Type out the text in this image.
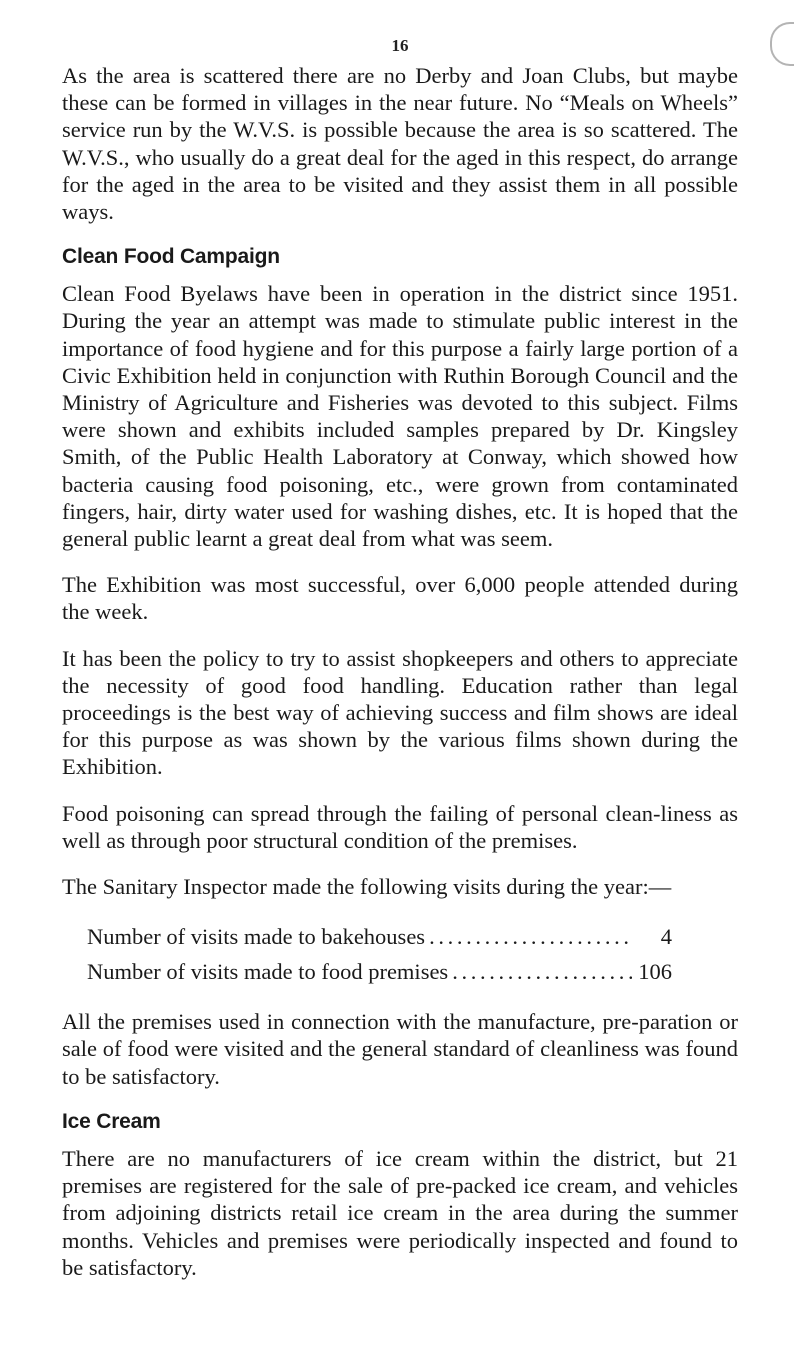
16

As the area is scattered there are no Derby and Joan Clubs, but maybe these can be formed in villages in the near future. No “Meals on Wheels” service run by the W.V.S. is possible because the area is so scattered. The W.V.S., who usually do a great deal for the aged in this respect, do arrange for the aged in the area to be visited and they assist them in all possible ways.

Clean Food Campaign

Clean Food Byelaws have been in operation in the district since 1951. During the year an attempt was made to stimulate public interest in the importance of food hygiene and for this purpose a fairly large portion of a Civic Exhibition held in conjunction with Ruthin Borough Council and the Ministry of Agriculture and Fisheries was devoted to this subject. Films were shown and exhibits included samples prepared by Dr. Kingsley Smith, of the Public Health Laboratory at Conway, which showed how bacteria causing food poisoning, etc., were grown from contaminated fingers, hair, dirty water used for washing dishes, etc. It is hoped that the general public learnt a great deal from what was seem.

The Exhibition was most successful, over 6,000 people attended during the week.

It has been the policy to try to assist shopkeepers and others to appreciate the necessity of good food handling. Education rather than legal proceedings is the best way of achieving success and film shows are ideal for this purpose as was shown by the various films shown during the Exhibition.

Food poisoning can spread through the failing of personal clean-liness as well as through poor structural condition of the premises.

The Sanitary Inspector made the following visits during the year:—

Number of visits made to bakehouses . . .	4
Number of visits made to food premises . . .	106

All the premises used in connection with the manufacture, pre-paration or sale of food were visited and the general standard of cleanliness was found to be satisfactory.

Ice Cream

There are no manufacturers of ice cream within the district, but 21 premises are registered for the sale of pre-packed ice cream, and vehicles from adjoining districts retail ice cream in the area during the summer months. Vehicles and premises were periodically inspected and found to be satisfactory.
